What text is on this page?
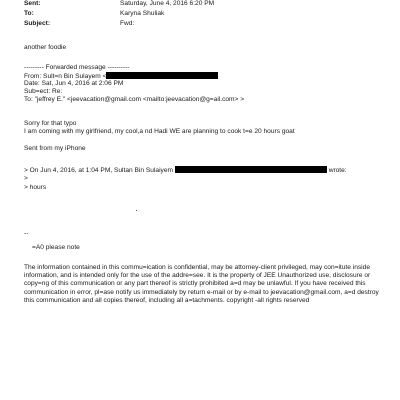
Sent:	Saturday, June 4, 2016 6:20 PM
To:	Karyna Shuliak
Subject:	Fwd:
another foodie
--------- Forwarded message ----------
From: Sult=n Bin Sulayem <
Date: Sat, Jun 4, 2016 at 2:06 PM
Sub=ect: Re:
To: "jeffrey E." <jeevacation@gmail.com <mailto:jeevacation@g=ail.com> >
Sorry for that typo
I am coming with my girlfriend, my cool,a nd Hadi WE are planning to cook t=e 20 hours goat
Sent from my iPhone
> On Jun 4, 2016, at 1:04 PM, Sultan Bin Sulaiyem	wrote:
>
> hours
--
=A0 please note
The information contained in this commu=ication is confidential, may be attorney-client privileged, may con=itute inside information, and is intended only for the use of the addre=see. It is the property of JEE Unauthorized use, disclosure or copy=ng of this communication or any part thereof is strictly prohibited a=d may be unlawful. If you have received this communication in error, pl=ase notify us immediately by return e-mail or by e-mail to jeevacation@gmail.com, a=d destroy this communication and all copies thereof, including all a=tachments. copyright -all rights reserved
